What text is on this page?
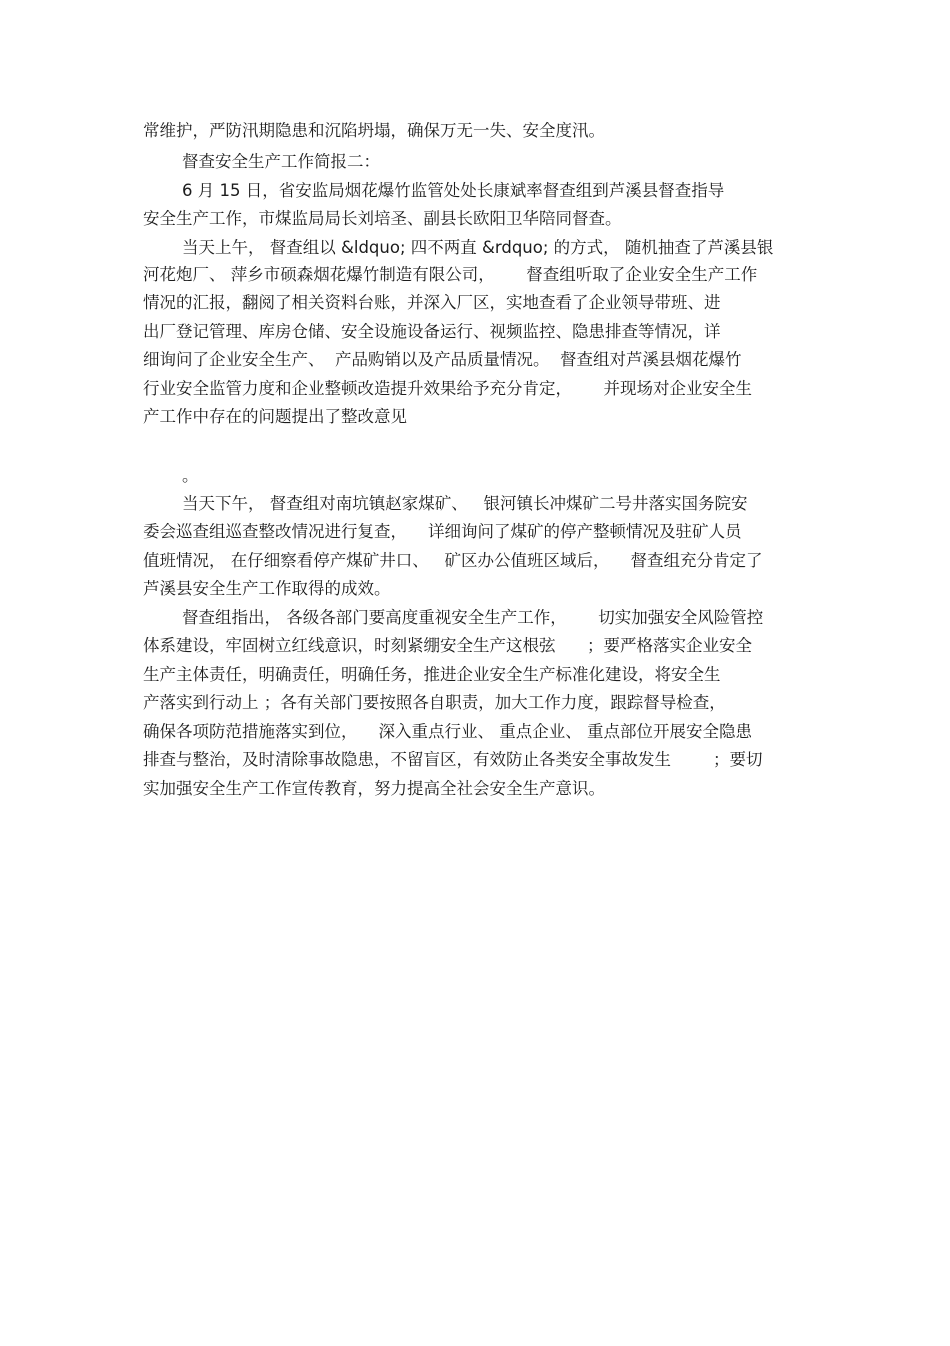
常维护，严防汛期隐患和沉陷坍塌，确保万无一失、安全度汛。
督查安全生产工作简报二：
6 月 15 日，省安监局烟花爆竹监管处处长康斌率督查组到芦溪县督查指导
安全生产工作，市煤监局局长刘培圣、副县长欧阳卫华陪同督查。
当天上午， 督查组以 &ldquo; 四不两直 &rdquo; 的方式， 随机抽查了芦溪县银
河花炮厂、 萍乡市硕森烟花爆竹制造有限公司，      督查组听取了企业安全生产工作
情况的汇报，翻阅了相关资料台账，并深入厂区，实地查看了企业领导带班、进
出厂登记管理、库房仓储、安全设施设备运行、视频监控、隐患排查等情况，详
细询问了企业安全生产、  产品购销以及产品质量情况。  督查组对芦溪县烟花爆竹
行业安全监管力度和企业整顿改造提升效果给予充分肯定，      并现场对企业安全生
产工作中存在的问题提出了整改意见
。
当天下午， 督查组对南坑镇赵家煤矿、   银河镇长冲煤矿二号井落实国务院安
委会巡查组巡查整改情况进行复查，    详细询问了煤矿的停产整顿情况及驻矿人员
值班情况， 在仔细察看停产煤矿井口、   矿区办公值班区域后，    督查组充分肯定了
芦溪县安全生产工作取得的成效。
督查组指出， 各级各部门要高度重视安全生产工作，      切实加强安全风险管控
体系建设，牢固树立红线意识，时刻紧绷安全生产这根弦      ；要严格落实企业安全
生产主体责任，明确责任，明确任务，推进企业安全生产标准化建设，将安全生
产落实到行动上 ；各有关部门要按照各自职责，加大工作力度，跟踪督导检查，
确保各项防范措施落实到位，    深入重点行业、 重点企业、 重点部位开展安全隐患
排查与整治，及时清除事故隐患，不留盲区，有效防止各类安全事故发生        ；要切
实加强安全生产工作宣传教育，努力提高全社会安全生产意识。
